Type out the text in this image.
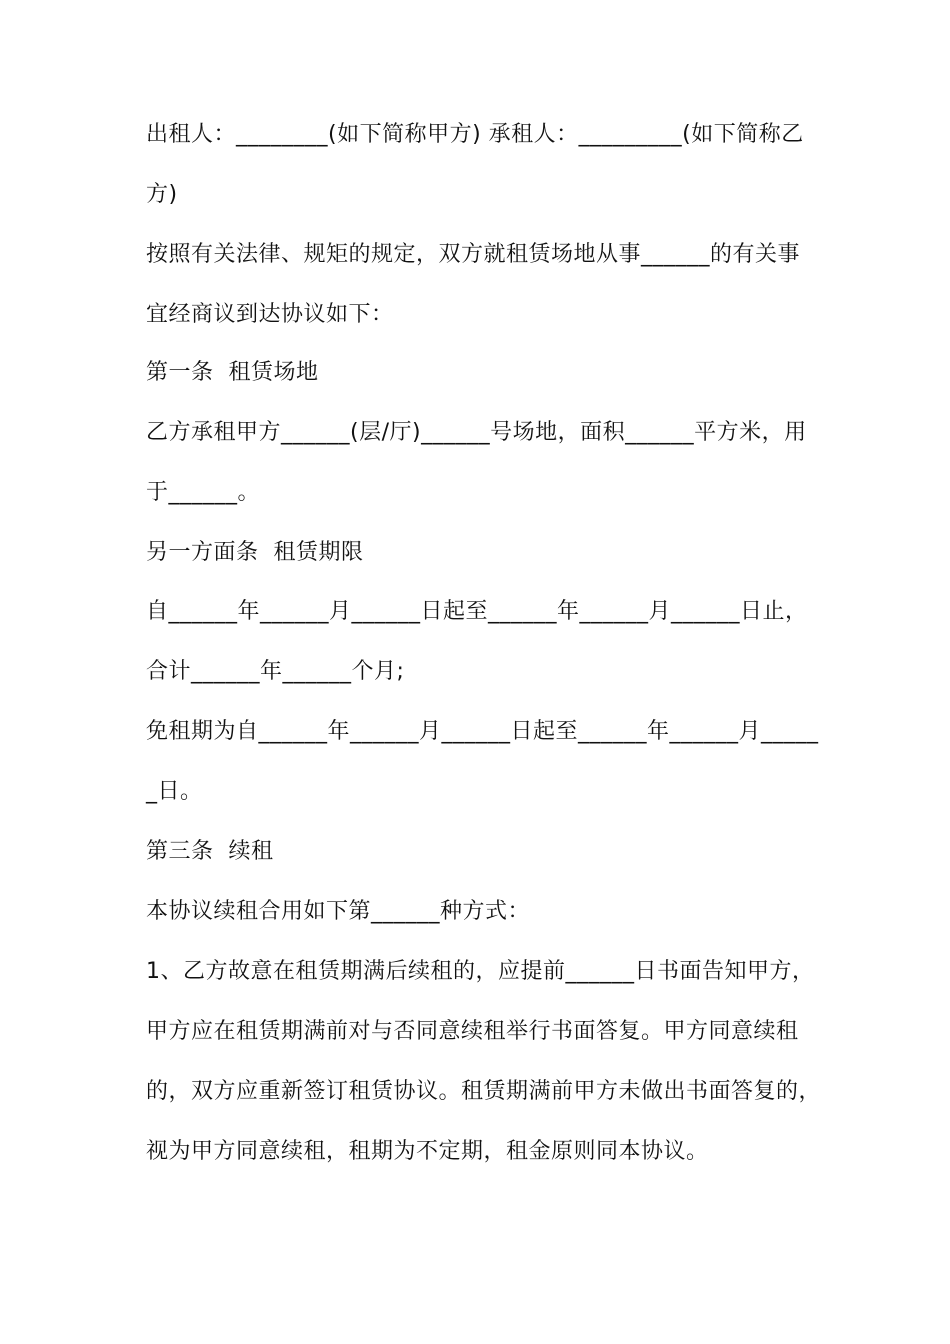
出租人：________(如下简称甲方) 承租人：_________(如下简称乙
方)
按照有关法律、规矩的规定，双方就租赁场地从事______的有关事
宜经商议到达协议如下：
第一条  租赁场地
乙方承租甲方______(层/厅)______号场地，面积______平方米，用
于______。
另一方面条  租赁期限
自______年______月______日起至______年______月______日止，
合计______年______个月;
免租期为自______年______月______日起至______年______月_____
_日。
第三条  续租
本协议续租合用如下第______种方式：
1、乙方故意在租赁期满后续租的，应提前______日书面告知甲方，
甲方应在租赁期满前对与否同意续租举行书面答复。甲方同意续租
的，双方应重新签订租赁协议。租赁期满前甲方未做出书面答复的，
视为甲方同意续租，租期为不定期，租金原则同本协议。
